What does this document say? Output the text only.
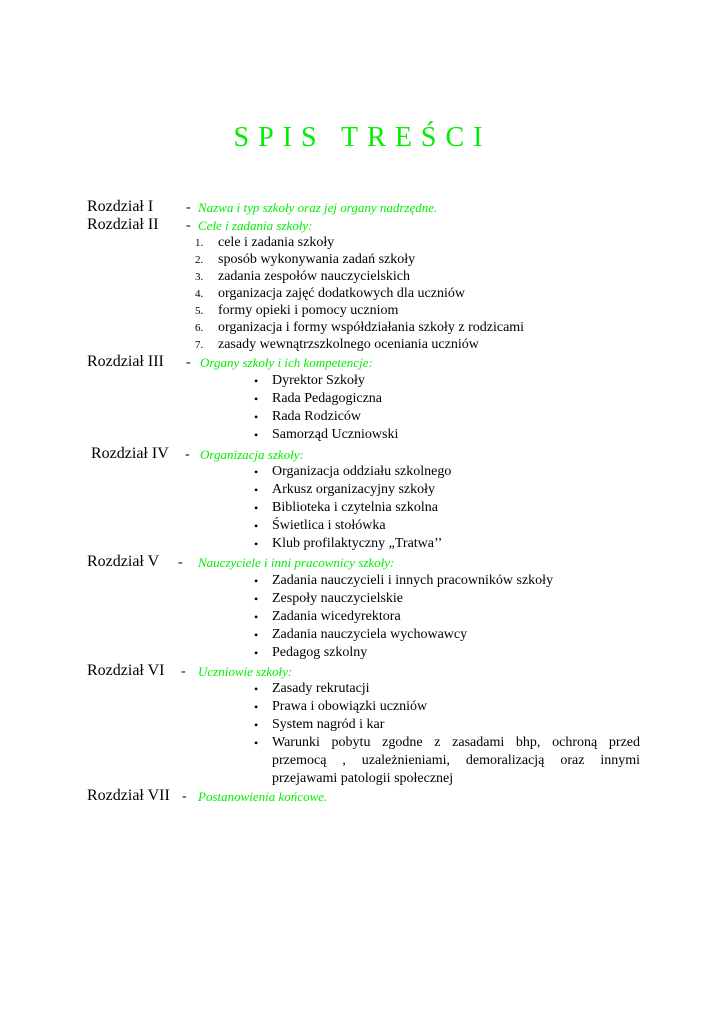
SPIS TREŚCI
Rozdział I - Nazwa i typ szkoły oraz jej organy nadrzędne.
Rozdział II - Cele i zadania szkoły:
1. cele i zadania szkoły
2. sposób wykonywania zadań szkoły
3. zadania zespołów nauczycielskich
4. organizacja zajęć dodatkowych dla uczniów
5. formy opieki i pomocy uczniom
6. organizacja i formy współdziałania szkoły z rodzicami
7. zasady wewnątrzszkolnego oceniania uczniów
Rozdział III - Organy szkoły i ich kompetencje:
• Dyrektor Szkoły
• Rada Pedagogiczna
• Rada Rodziców
• Samorząd Uczniowski
Rozdział IV - Organizacja szkoły:
• Organizacja oddziału szkolnego
• Arkusz organizacyjny szkoły
• Biblioteka i czytelnia szkolna
• Świetlica i stołówka
• Klub profilaktyczny „Tratwa’’
Rozdział V - Nauczyciele i inni pracownicy szkoły:
• Zadania nauczycieli i innych pracowników szkoły
• Zespoły nauczycielskie
• Zadania wicedyrektora
• Zadania nauczyciela wychowawcy
• Pedagog szkolny
Rozdział VI - Uczniowie szkoły:
• Zasady rekrutacji
• Prawa i obowiązki uczniów
• System nagród i kar
• Warunki pobytu zgodne z zasadami bhp, ochroną przed przemocą , uzależnieniami, demoralizacją oraz innymi przejawami patologii społecznej
Rozdział VII - Postanowienia końcowe.
